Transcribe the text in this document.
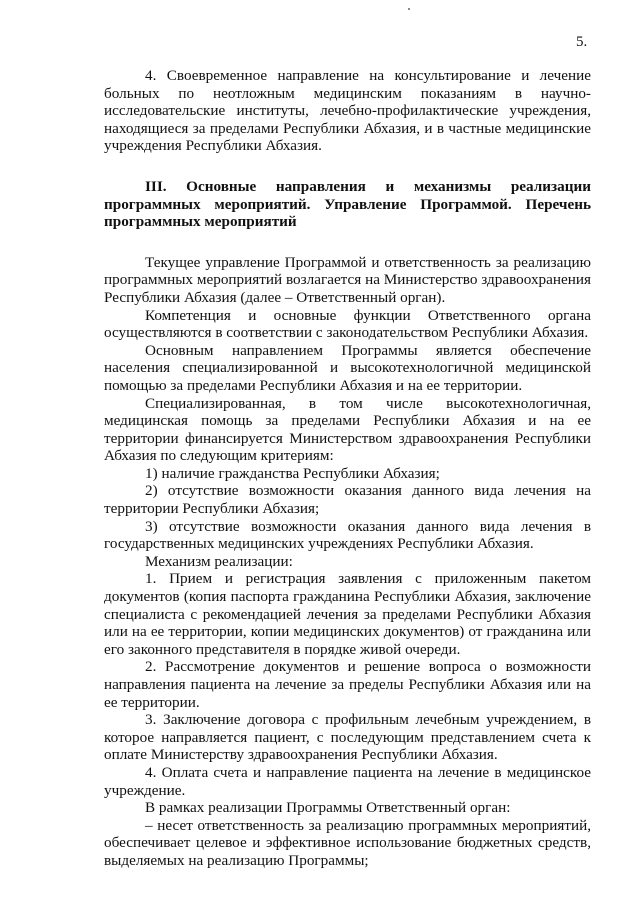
5.

4. Своевременное направление на консультирование и лечение больных по неотложным медицинским показаниям в научно-исследовательские институты, лечебно-профилактические учреждения, находящиеся за пределами Республики Абхазия, и в частные медицинские учреждения Республики Абхазия.

III. Основные направления и механизмы реализации программных мероприятий. Управление Программой. Перечень программных мероприятий

Текущее управление Программой и ответственность за реализацию программных мероприятий возлагается на Министерство здравоохранения Республики Абхазия (далее – Ответственный орган).

Компетенция и основные функции Ответственного органа осуществляются в соответствии с законодательством Республики Абхазия.

Основным направлением Программы является обеспечение населения специализированной и высокотехнологичной медицинской помощью за пределами Республики Абхазия и на ее территории.

Специализированная, в том числе высокотехнологичная, медицинская помощь за пределами Республики Абхазия и на ее территории финансируется Министерством здравоохранения Республики Абхазия по следующим критериям:

1) наличие гражданства Республики Абхазия;

2) отсутствие возможности оказания данного вида лечения на территории Республики Абхазия;

3) отсутствие возможности оказания данного вида лечения в государственных медицинских учреждениях Республики Абхазия.

Механизм реализации:

1. Прием и регистрация заявления с приложенным пакетом документов (копия паспорта гражданина Республики Абхазия, заключение специалиста с рекомендацией лечения за пределами Республики Абхазия или на ее территории, копии медицинских документов) от гражданина или его законного представителя в порядке живой очереди.

2. Рассмотрение документов и решение вопроса о возможности направления пациента на лечение за пределы Республики Абхазия или на ее территории.

3. Заключение договора с профильным лечебным учреждением, в которое направляется пациент, с последующим представлением счета к оплате Министерству здравоохранения Республики Абхазия.

4. Оплата счета и направление пациента на лечение в медицинское учреждение.

В рамках реализации Программы Ответственный орган:

– несет ответственность за реализацию программных мероприятий, обеспечивает целевое и эффективное использование бюджетных средств, выделяемых на реализацию Программы;
